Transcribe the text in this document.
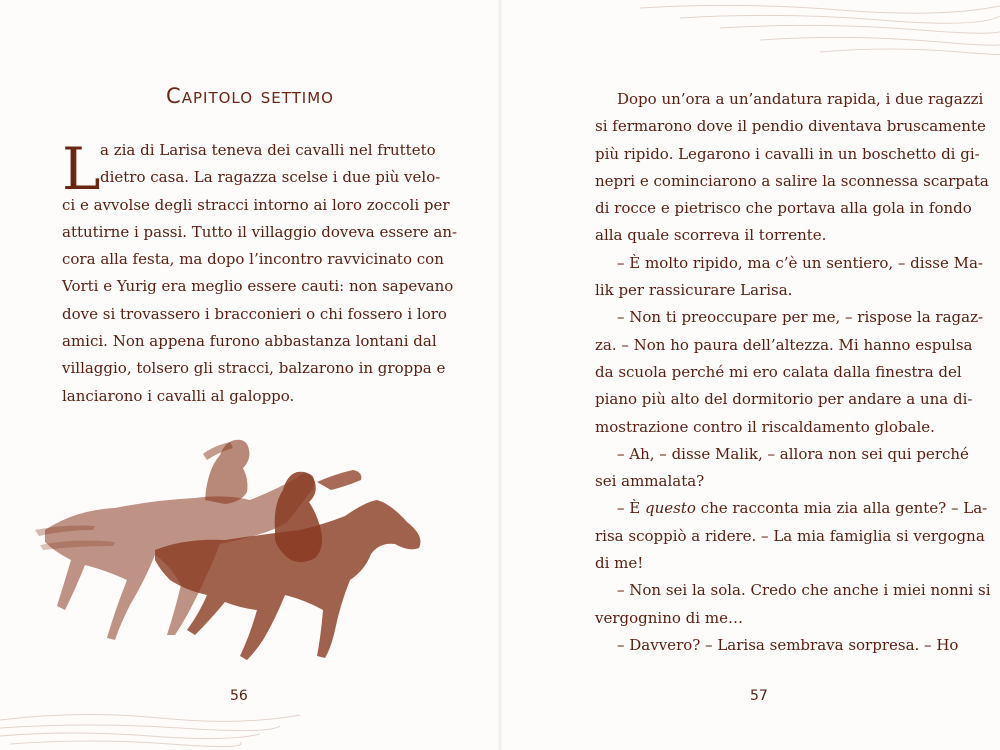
Capitolo settimo
L a zia di Larisa teneva dei cavalli nel frutteto
dietro casa. La ragazza scelse i due più velo-
ci e avvolse degli stracci intorno ai loro zoccoli per
attutirne i passi. Tutto il villaggio doveva essere an-
cora alla festa, ma dopo l’incontro ravvicinato con
Vorti e Yurig era meglio essere cauti: non sapevano
dove si trovassero i bracconieri o chi fossero i loro
amici. Non appena furono abbastanza lontani dal
villaggio, tolsero gli stracci, balzarono in groppa e
lanciarono i cavalli al galoppo.
56
Dopo un’ora a un’andatura rapida, i due ragazzi
si fermarono dove il pendio diventava bruscamente
più ripido. Legarono i cavalli in un boschetto di gi-
nepri e cominciarono a salire la sconnessa scarpata
di rocce e pietrisco che portava alla gola in fondo
alla quale scorreva il torrente.
– È molto ripido, ma c’è un sentiero, – disse Ma-
lik per rassicurare Larisa.
– Non ti preoccupare per me, – rispose la ragaz-
za. – Non ho paura dell’altezza. Mi hanno espulsa
da scuola perché mi ero calata dalla finestra del
piano più alto del dormitorio per andare a una di-
mostrazione contro il riscaldamento globale.
– Ah, – disse Malik, – allora non sei qui perché
sei ammalata?
– È questo che racconta mia zia alla gente? – La-
risa scoppiò a ridere. – La mia famiglia si vergogna
di me!
– Non sei la sola. Credo che anche i miei nonni si
vergognino di me…
– Davvero? – Larisa sembrava sorpresa. – Ho
57
